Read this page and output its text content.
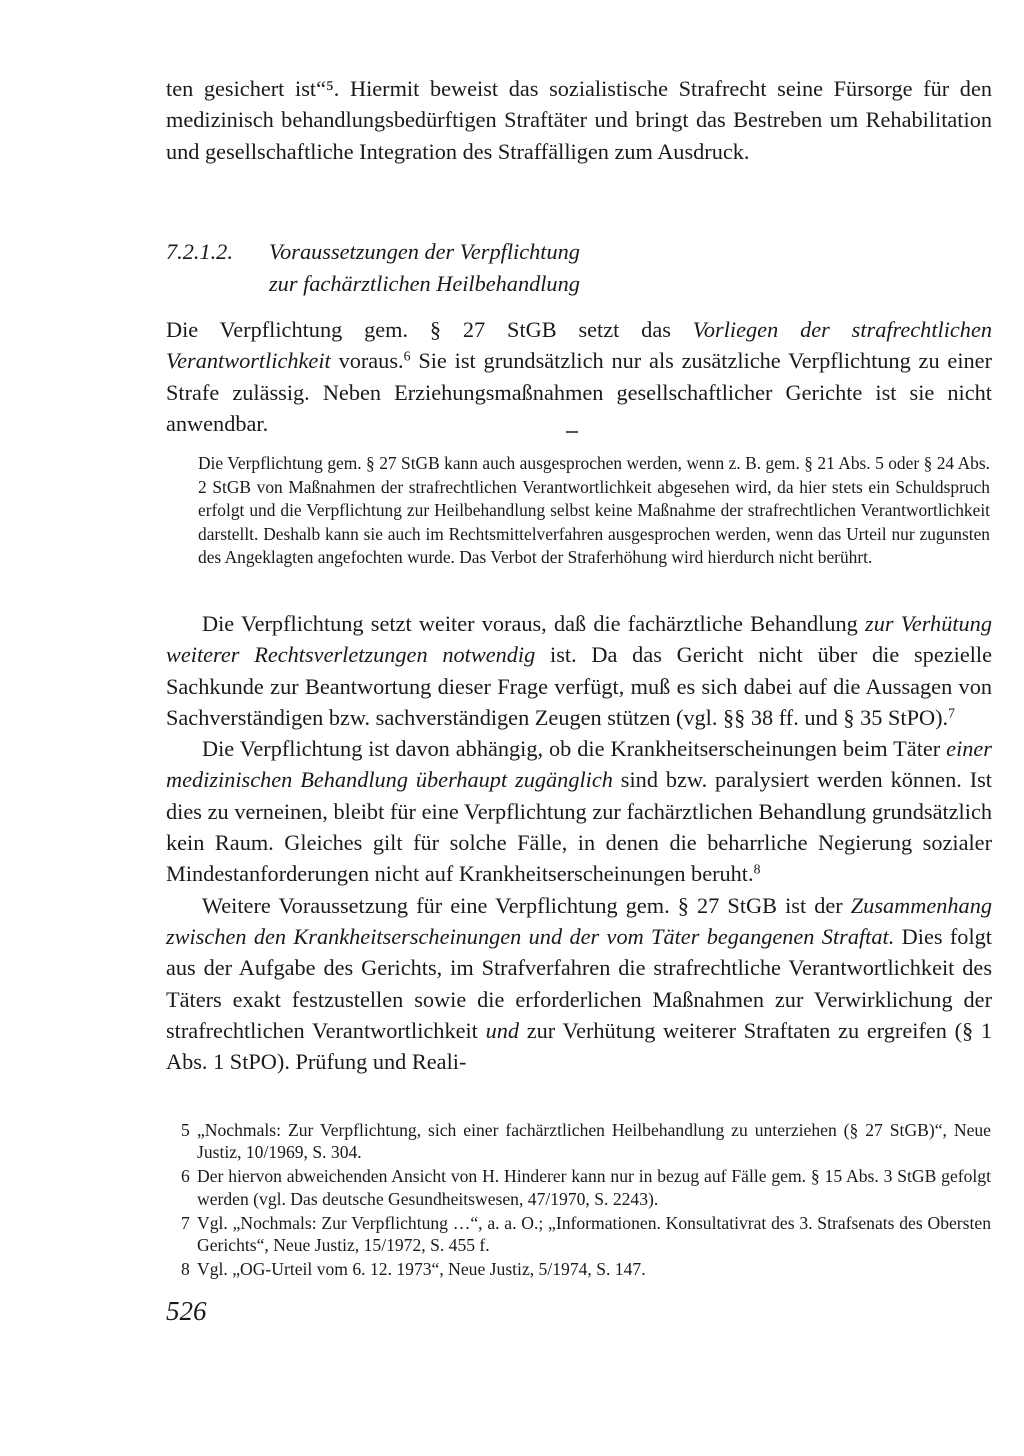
ten gesichert ist“⁵. Hiermit beweist das sozialistische Strafrecht seine Fürsorge für den medizinisch behandlungsbedürftigen Straftäter und bringt das Bestreben um Rehabilitation und gesellschaftliche Integration des Straffälligen zum Ausdruck.

7.2.1.2.	Voraussetzungen der Verpflichtung
zur fachärztlichen Heilbehandlung

Die Verpflichtung gem. § 27 StGB setzt das Vorliegen der strafrechtlichen Verantwortlichkeit voraus.$^6$ Sie ist grundsätzlich nur als zusätzliche Verpflichtung zu einer Strafe zulässig. Neben Erziehungsmaßnahmen gesellschaftlicher Gerichte ist sie nicht anwendbar.

Die Verpflichtung gem. § 27 StGB kann auch ausgesprochen werden, wenn z. B. gem. § 21 Abs. 5 oder § 24 Abs. 2 StGB von Maßnahmen der strafrechtlichen Verantwortlichkeit abgesehen wird, da hier stets ein Schuldspruch erfolgt und die Verpflichtung zur Heilbehandlung selbst keine Maßnahme der strafrechtlichen Verantwortlichkeit darstellt. Deshalb kann sie auch im Rechtsmittelverfahren ausgesprochen werden, wenn das Urteil nur zugunsten des Angeklagten angefochten wurde. Das Verbot der Straferhöhung wird hierdurch nicht berührt.

Die Verpflichtung setzt weiter voraus, daß die fachärztliche Behandlung zur Verhütung weiterer Rechtsverletzungen notwendig ist. Da das Gericht nicht über die spezielle Sachkunde zur Beantwortung dieser Frage verfügt, muß es sich dabei auf die Aussagen von Sachverständigen bzw. sachverständigen Zeugen stützen (vgl. §§ 38 ff. und § 35 StPO).$^7$

Die Verpflichtung ist davon abhängig, ob die Krankheitserscheinungen beim Täter einer medizinischen Behandlung überhaupt zugänglich sind bzw. paralysiert werden können. Ist dies zu verneinen, bleibt für eine Verpflichtung zur fachärztlichen Behandlung grundsätzlich kein Raum. Gleiches gilt für solche Fälle, in denen die beharrliche Negierung sozialer Mindestanforderungen nicht auf Krankheitserscheinungen beruht.$^8$

Weitere Voraussetzung für eine Verpflichtung gem. § 27 StGB ist der Zusammenhang zwischen den Krankheitserscheinungen und der vom Täter begangenen Straftat. Dies folgt aus der Aufgabe des Gerichts, im Strafverfahren die strafrechtliche Verantwortlichkeit des Täters exakt festzustellen sowie die erforderlichen Maßnahmen zur Verwirklichung der strafrechtlichen Verantwortlichkeit und zur Verhütung weiterer Straftaten zu ergreifen (§ 1 Abs. 1 StPO). Prüfung und Reali-

5 „Nochmals: Zur Verpflichtung, sich einer fachärztlichen Heilbehandlung zu unterziehen (§ 27 StGB)“, Neue Justiz, 10/1969, S. 304.
6 Der hiervon abweichenden Ansicht von H. Hinderer kann nur in bezug auf Fälle gem. § 15 Abs. 3 StGB gefolgt werden (vgl. Das deutsche Gesundheitswesen, 47/1970, S. 2243).
7 Vgl. „Nochmals: Zur Verpflichtung …“, a. a. O.; „Informationen. Konsultativrat des 3. Strafsenats des Obersten Gerichts“, Neue Justiz, 15/1972, S. 455 f.
8 Vgl. „OG-Urteil vom 6. 12. 1973“, Neue Justiz, 5/1974, S. 147.
526
